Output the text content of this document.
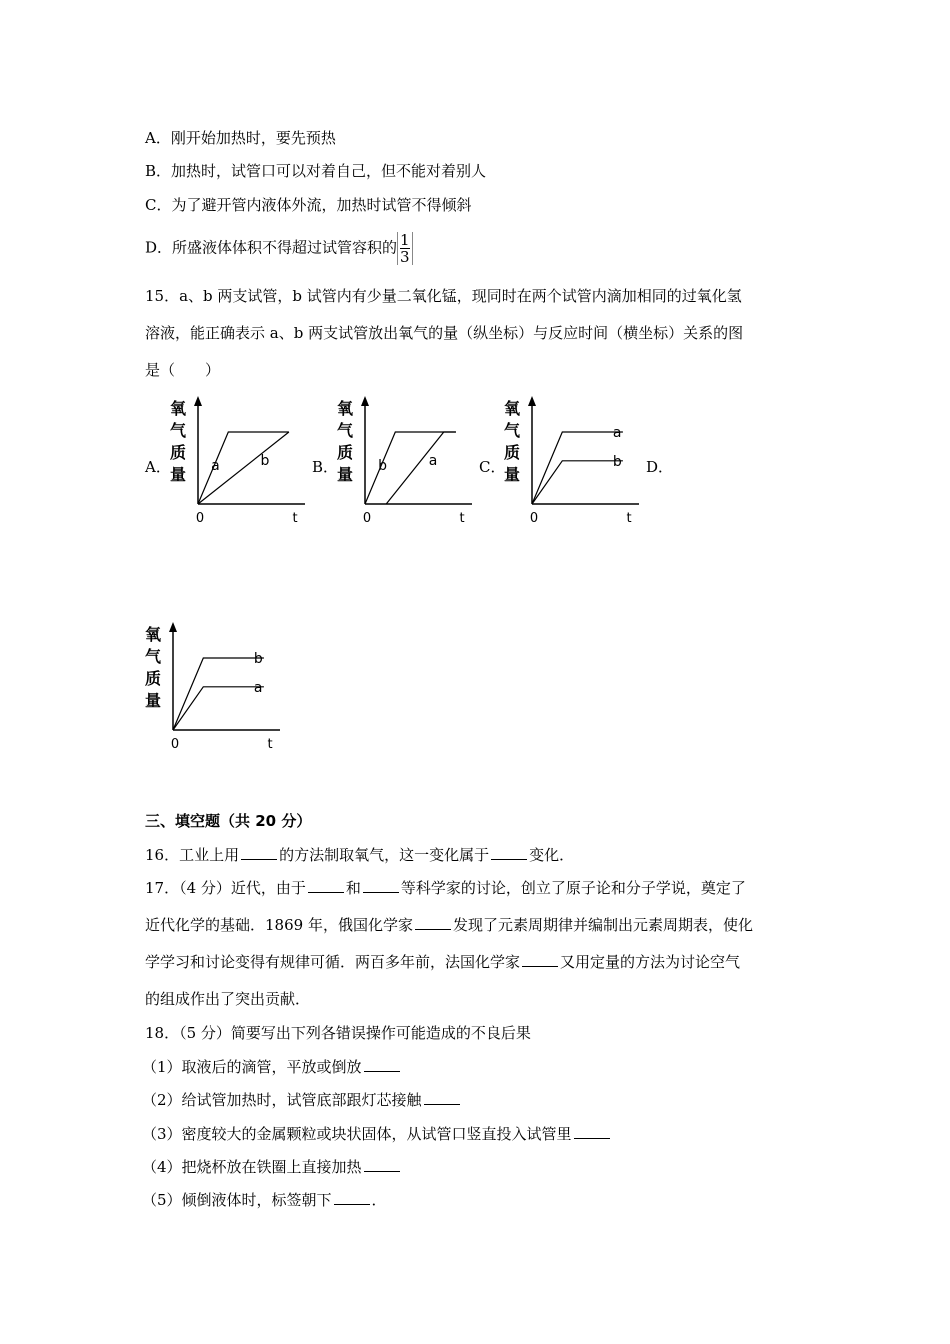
A．刚开始加热时，要先预热
B．加热时，试管口可以对着自己，但不能对着别人
C．为了避开管内液体外流，加热时试管不得倾斜
D．所盛液体体积不得超过试管容积的 $\frac{1}{3}$
15．a、b 两支试管，b 试管内有少量二氧化锰，现同时在两个试管内滴加相同的过氧化氢
溶液，能正确表示 a、b 两支试管放出氧气的量（纵坐标）与反应时间（横坐标）关系的图
是（　　）
A．	B．	C．	D．
氧
气
质
量
0	t
a	b
氧
气
质
量
0	t
b	a
氧
气
质
量
0	t
a
b
氧
气
质
量
0	t
b
a
三、填空题（共 20 分）
16．工业上用	的方法制取氧气，这一变化属于	变化．
17．（4 分）近代，由于	和	等科学家的讨论，创立了原子论和分子学说，奠定了
近代化学的基础．1869 年，俄国化学家	发现了元素周期律并编制出元素周期表，使化
学学习和讨论变得有规律可循．两百多年前，法国化学家	又用定量的方法为讨论空气
的组成作出了突出贡献．
18．（5 分）简要写出下列各错误操作可能造成的不良后果
（1）取液后的滴管，平放或倒放
（2）给试管加热时，试管底部跟灯芯接触
（3）密度较大的金属颗粒或块状固体，从试管口竖直投入试管里
（4）把烧杯放在铁圈上直接加热
（5）倾倒液体时，标签朝下	．
